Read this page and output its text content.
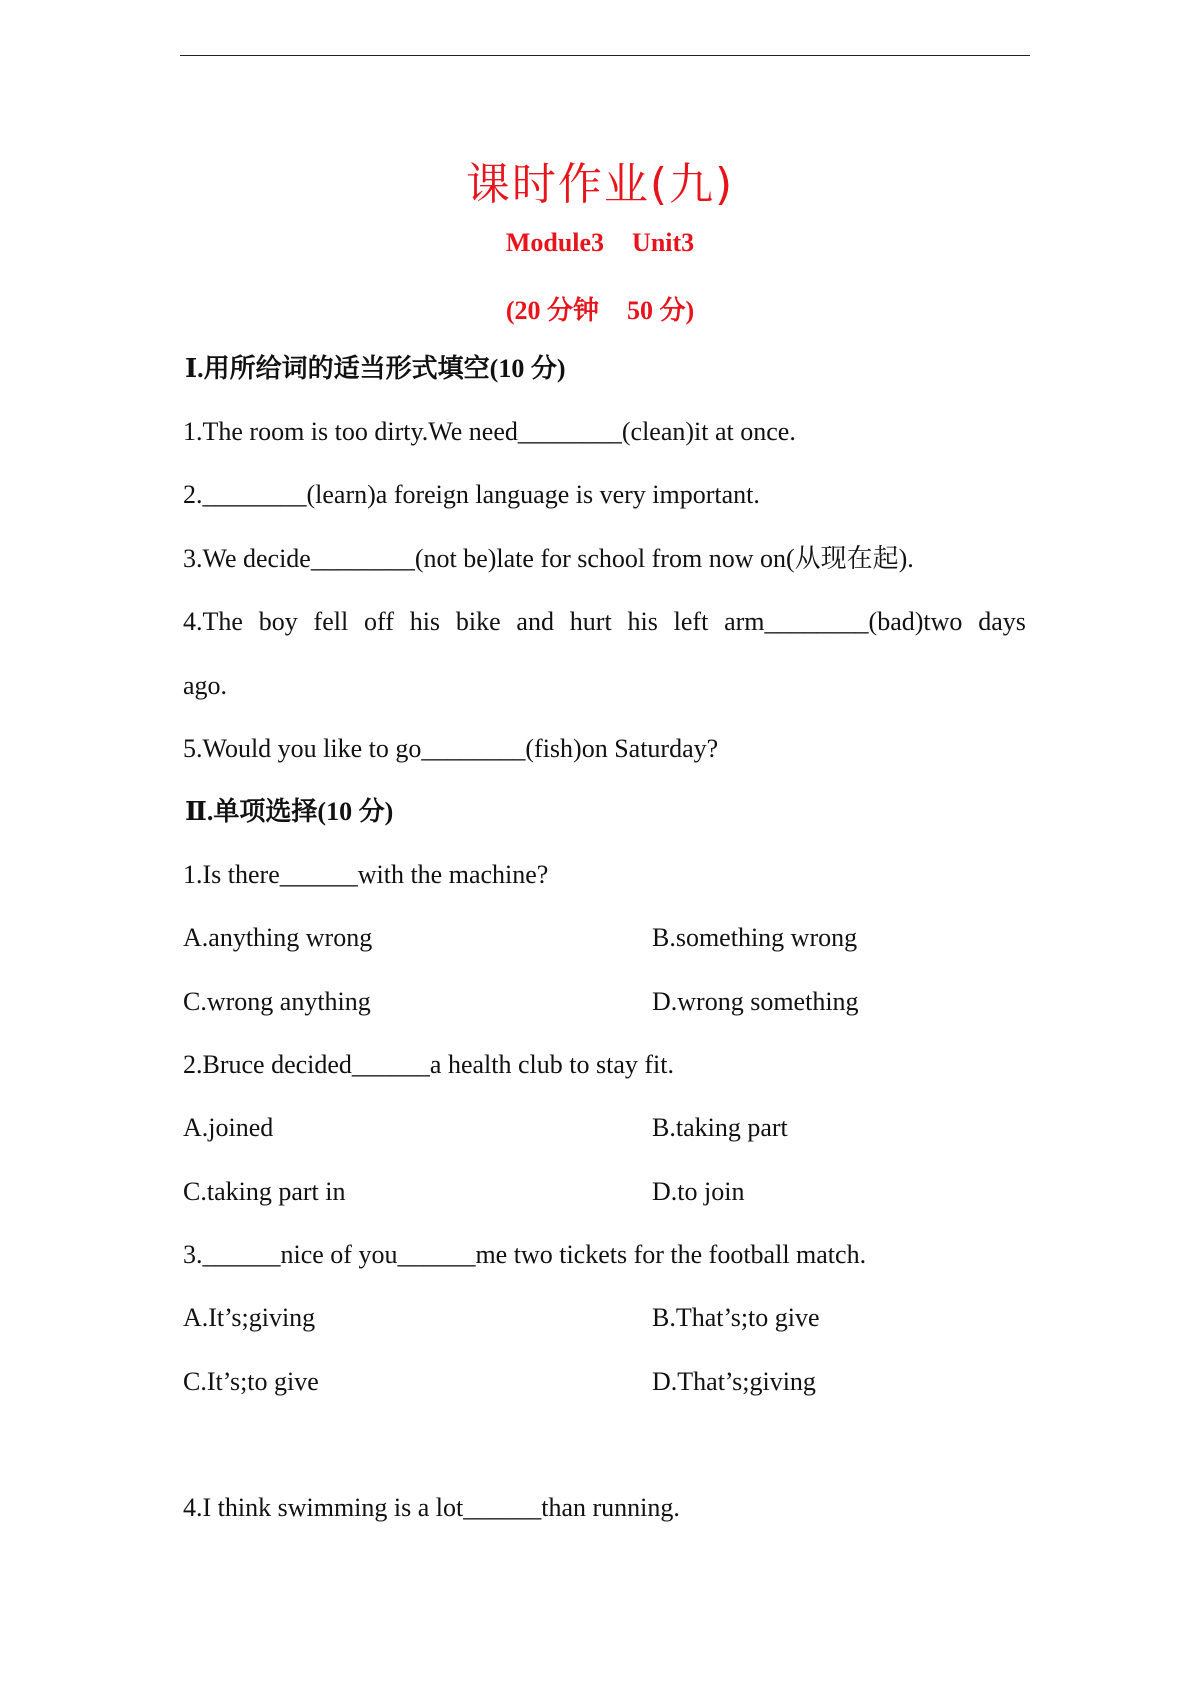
课时作业(九)
Module3 Unit3
(20 分钟 50 分)
Ⅰ.用所给词的适当形式填空(10 分)
1.The room is too dirty.We need________(clean)it at once.
2.________(learn)a foreign language is very important.
3.We decide________(not be)late for school from now on(从现在起).
4.The boy fell off his bike and hurt his left arm________(bad)two days
ago.
5.Would you like to go________(fish)on Saturday?
Ⅱ.单项选择(10 分)
1.Is there______with the machine?
A.anything wrong	B.something wrong
C.wrong anything	D.wrong something
2.Bruce decided______a health club to stay fit.
A.joined	B.taking part
C.taking part in	D.to join
3.______nice of you______me two tickets for the football match.
A.It’s;giving	B.That’s;to give
C.It’s;to give	D.That’s;giving
4.I think swimming is a lot______than running.
